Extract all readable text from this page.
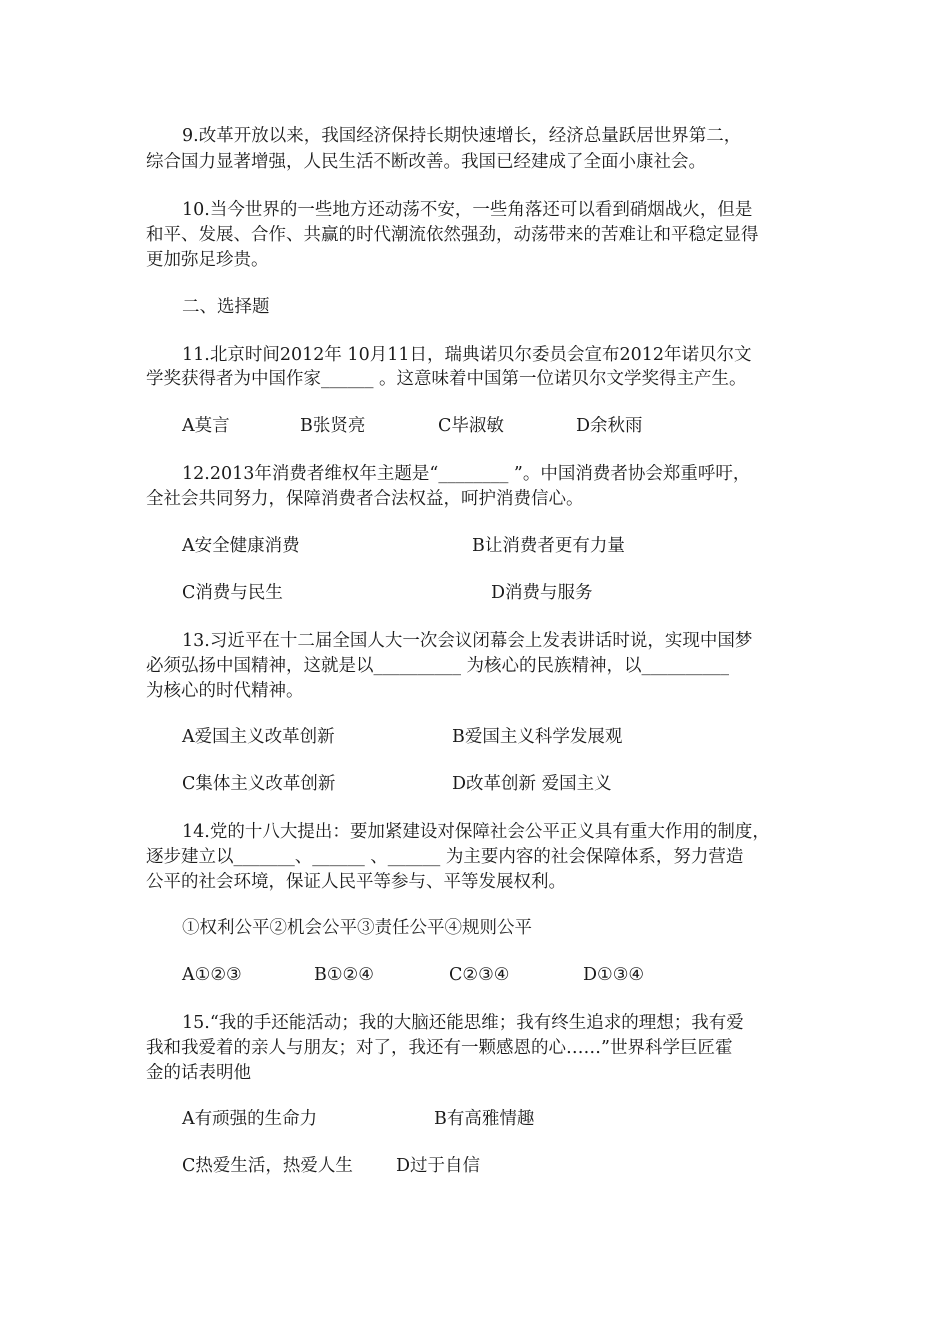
9.改革开放以来，我国经济保持长期快速增长，经济总量跃居世界第二，
综合国力显著增强，人民生活不断改善。我国已经建成了全面小康社会。
10.当今世界的一些地方还动荡不安，一些角落还可以看到硝烟战火，但是
和平、发展、合作、共赢的时代潮流依然强劲，动荡带来的苦难让和平稳定显得
更加弥足珍贵。
二、选择题
11.北京时间2012年 10月11日，瑞典诺贝尔委员会宣布2012年诺贝尔文
学奖获得者为中国作家______ 。这意味着中国第一位诺贝尔文学奖得主产生。
A莫言	B张贤亮	C毕淑敏	D余秋雨
12.2013年消费者维权年主题是“________ ”。中国消费者协会郑重呼吁，
全社会共同努力，保障消费者合法权益，呵护消费信心。
A安全健康消费	B让消费者更有力量
C消费与民生	D消费与服务
13.习近平在十二届全国人大一次会议闭幕会上发表讲话时说，实现中国梦
必须弘扬中国精神，这就是以__________ 为核心的民族精神，以__________
为核心的时代精神。
A爱国主义改革创新	B爱国主义科学发展观
C集体主义改革创新	D改革创新 爱国主义
14.党的十八大提出：要加紧建设对保障社会公平正义具有重大作用的制度，
逐步建立以_______、______ 、______ 为主要内容的社会保障体系，努力营造
公平的社会环境，保证人民平等参与、平等发展权利。
①权利公平②机会公平③责任公平④规则公平
A①②③	B①②④	C②③④	D①③④
15.“我的手还能活动；我的大脑还能思维；我有终生追求的理想；我有爱
我和我爱着的亲人与朋友；对了，我还有一颗感恩的心……”世界科学巨匠霍
金的话表明他
A有顽强的生命力	B有高雅情趣
C热爱生活，热爱人生 D过于自信
